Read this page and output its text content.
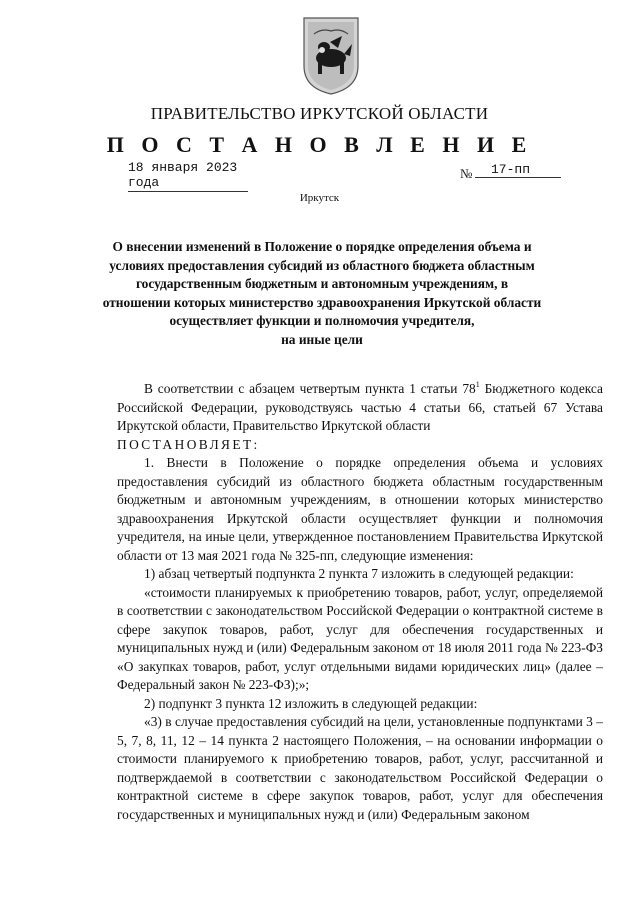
ПРАВИТЕЛЬСТВО ИРКУТСКОЙ ОБЛАСТИ
П О С Т А Н О В Л Е Н И Е
18 января 2023 года
№	17-пп
Иркутск
О внесении изменений в Положение о порядке определения объема и
условиях предоставления субсидий из областного бюджета областным
государственным бюджетным и автономным учреждениям, в
отношении которых министерство здравоохранения Иркутской области
осуществляет функции и полномочия учредителя,
на иные цели

В соответствии с абзацем четвертым пункта 1 статьи $78^1$ Бюджетного кодекса Российской Федерации, руководствуясь частью 4 статьи 66, статьей 67 Устава Иркутской области, Правительство Иркутской области

ПОСТАНОВЛЯЕТ:

1. Внести в Положение о порядке определения объема и условиях предоставления субсидий из областного бюджета областным государственным бюджетным и автономным учреждениям, в отношении которых министерство здравоохранения Иркутской области осуществляет функции и полномочия учредителя, на иные цели, утвержденное постановлением Правительства Иркутской области от 13 мая 2021 года № 325-пп, следующие изменения:

1) абзац четвертый подпункта 2 пункта 7 изложить в следующей редакции:

«стоимости планируемых к приобретению товаров, работ, услуг, определяемой в соответствии с законодательством Российской Федерации о контрактной системе в сфере закупок товаров, работ, услуг для обеспечения государственных и муниципальных нужд и (или) Федеральным законом от 18 июля 2011 года № 223-ФЗ «О закупках товаров, работ, услуг отдельными видами юридических лиц» (далее – Федеральный закон № 223-ФЗ);»;

2) подпункт 3 пункта 12 изложить в следующей редакции:

«3) в случае предоставления субсидий на цели, установленные подпунктами 3 – 5, 7, 8, 11, 12 – 14 пункта 2 настоящего Положения, – на основании информации о стоимости планируемого к приобретению товаров, работ, услуг, рассчитанной и подтверждаемой в соответствии с законодательством Российской Федерации о контрактной системе в сфере закупок товаров, работ, услуг для обеспечения государственных и муниципальных нужд и (или) Федеральным законом
